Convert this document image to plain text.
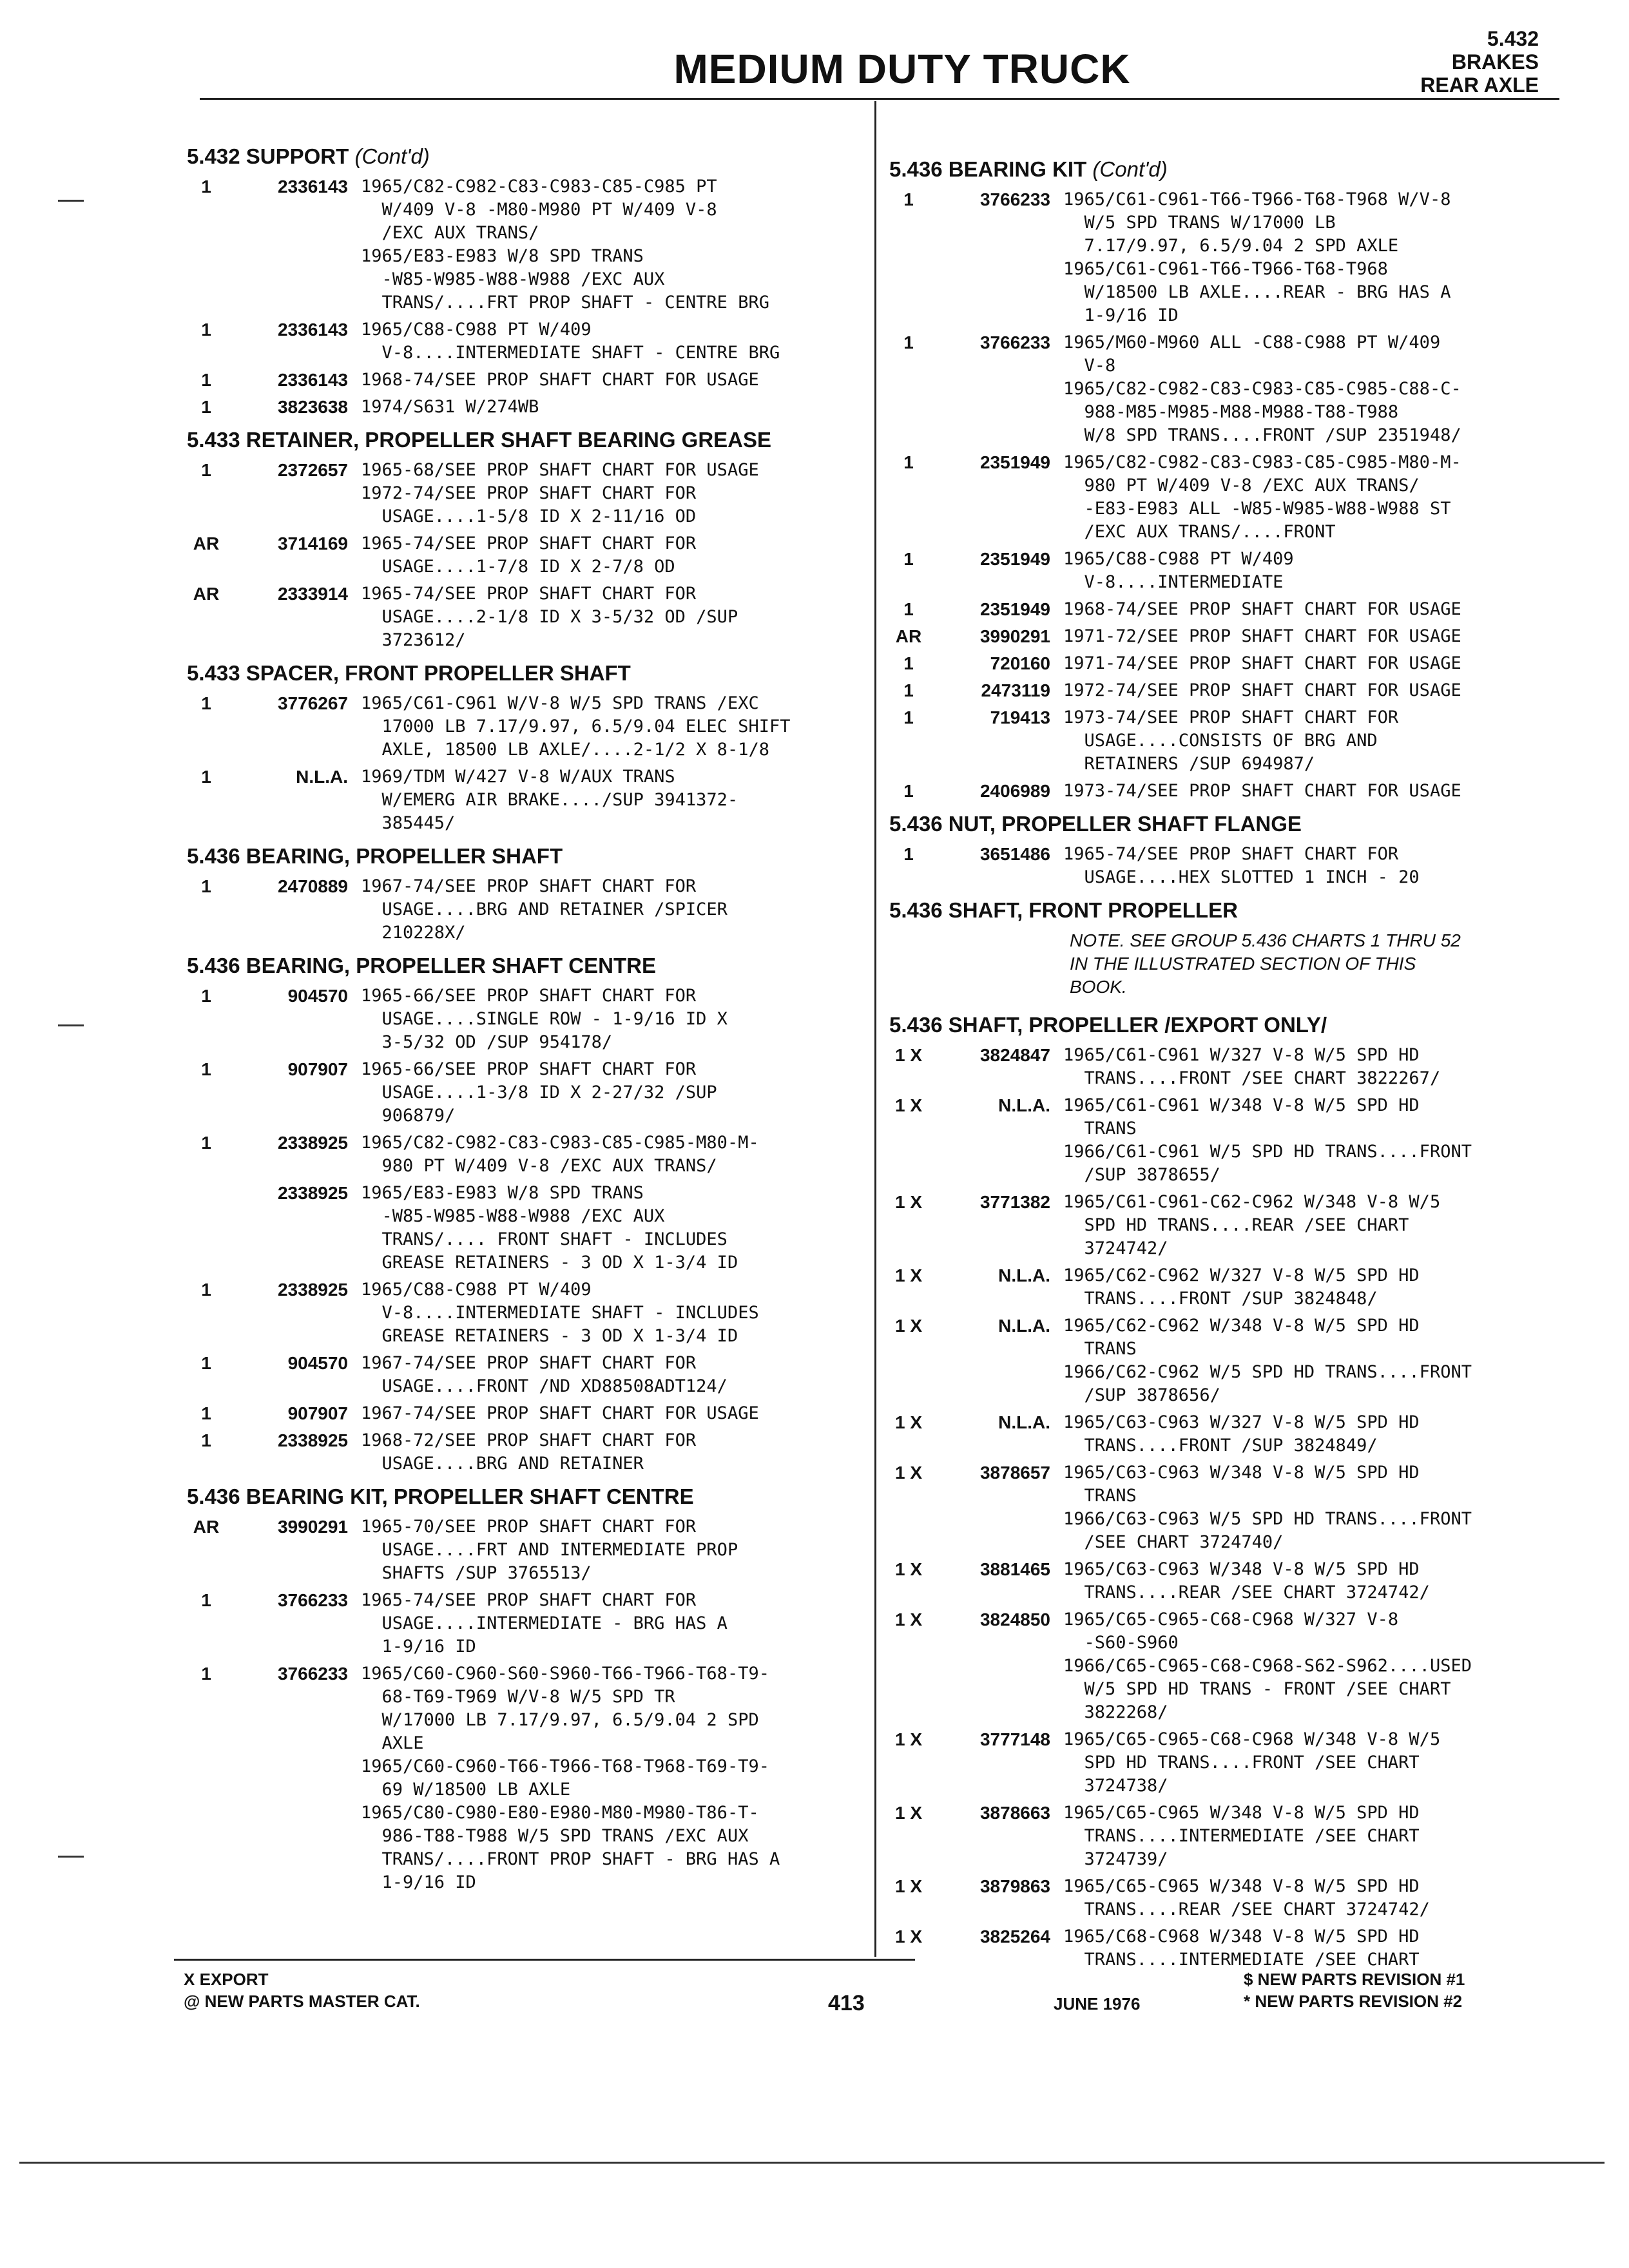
MEDIUM DUTY TRUCK
5.432
BRAKES
REAR AXLE
5.432 SUPPORT (Cont'd)
1	2336143 1965/C82-C982-C83-C983-C85-C985 PT
W/409 V-8 -M80-M980 PT W/409 V-8
/EXC AUX TRANS/
1965/E83-E983 W/8 SPD TRANS
-W85-W985-W88-W988 /EXC AUX
TRANS/....FRT PROP SHAFT - CENTRE BRG
1	2336143 1965/C88-C988 PT W/409
V-8....INTERMEDIATE SHAFT - CENTRE BRG
1	2336143 1968-74/SEE PROP SHAFT CHART FOR USAGE
1	3823638 1974/S631 W/274WB
5.433 RETAINER, PROPELLER SHAFT BEARING GREASE
1	2372657 1965-68/SEE PROP SHAFT CHART FOR USAGE
1972-74/SEE PROP SHAFT CHART FOR
USAGE....1-5/8 ID X 2-11/16 OD
AR	3714169 1965-74/SEE PROP SHAFT CHART FOR
USAGE....1-7/8 ID X 2-7/8 OD
AR	2333914 1965-74/SEE PROP SHAFT CHART FOR
USAGE....2-1/8 ID X 3-5/32 OD /SUP
3723612/
5.433 SPACER, FRONT PROPELLER SHAFT
1	3776267 1965/C61-C961 W/V-8 W/5 SPD TRANS /EXC
17000 LB 7.17/9.97, 6.5/9.04 ELEC SHIFT
AXLE, 18500 LB AXLE/....2-1/2 X 8-1/8
1	N.L.A. 1969/TDM W/427 V-8 W/AUX TRANS
W/EMERG AIR BRAKE..../SUP 3941372-
385445/
5.436 BEARING, PROPELLER SHAFT
1	2470889 1967-74/SEE PROP SHAFT CHART FOR
USAGE....BRG AND RETAINER /SPICER
210228X/
5.436 BEARING, PROPELLER SHAFT CENTRE
1	904570 1965-66/SEE PROP SHAFT CHART FOR
USAGE....SINGLE ROW - 1-9/16 ID X
3-5/32 OD /SUP 954178/
1	907907 1965-66/SEE PROP SHAFT CHART FOR
USAGE....1-3/8 ID X 2-27/32 /SUP
906879/
1	2338925 1965/C82-C982-C83-C983-C85-C985-M80-M-
980 PT W/409 V-8 /EXC AUX TRANS/
2338925 1965/E83-E983 W/8 SPD TRANS
-W85-W985-W88-W988 /EXC AUX
TRANS/.... FRONT SHAFT - INCLUDES
GREASE RETAINERS - 3 OD X 1-3/4 ID
1	2338925 1965/C88-C988 PT W/409
V-8....INTERMEDIATE SHAFT - INCLUDES
GREASE RETAINERS - 3 OD X 1-3/4 ID
1	904570 1967-74/SEE PROP SHAFT CHART FOR
USAGE....FRONT /ND XD88508ADT124/
1	907907 1967-74/SEE PROP SHAFT CHART FOR USAGE
1	2338925 1968-72/SEE PROP SHAFT CHART FOR
USAGE....BRG AND RETAINER
5.436 BEARING KIT, PROPELLER SHAFT CENTRE
AR	3990291 1965-70/SEE PROP SHAFT CHART FOR
USAGE....FRT AND INTERMEDIATE PROP
SHAFTS /SUP 3765513/
1	3766233 1965-74/SEE PROP SHAFT CHART FOR
USAGE....INTERMEDIATE - BRG HAS A
1-9/16 ID
1	3766233 1965/C60-C960-S60-S960-T66-T966-T68-T9-
68-T69-T969 W/V-8 W/5 SPD TR
W/17000 LB 7.17/9.97, 6.5/9.04 2 SPD
AXLE
1965/C60-C960-T66-T966-T68-T968-T69-T9-
69 W/18500 LB AXLE
1965/C80-C980-E80-E980-M80-M980-T86-T-
986-T88-T988 W/5 SPD TRANS /EXC AUX
TRANS/....FRONT PROP SHAFT - BRG HAS A
1-9/16 ID
5.436 BEARING KIT (Cont'd)
1	3766233 1965/C61-C961-T66-T966-T68-T968 W/V-8
W/5 SPD TRANS W/17000 LB
7.17/9.97, 6.5/9.04 2 SPD AXLE
1965/C61-C961-T66-T966-T68-T968
W/18500 LB AXLE....REAR - BRG HAS A
1-9/16 ID
1	3766233 1965/M60-M960 ALL -C88-C988 PT W/409
V-8
1965/C82-C982-C83-C983-C85-C985-C88-C-
988-M85-M985-M88-M988-T88-T988
W/8 SPD TRANS....FRONT /SUP 2351948/
1	2351949 1965/C82-C982-C83-C983-C85-C985-M80-M-
980 PT W/409 V-8 /EXC AUX TRANS/
-E83-E983 ALL -W85-W985-W88-W988 ST
/EXC AUX TRANS/....FRONT
1	2351949 1965/C88-C988 PT W/409
V-8....INTERMEDIATE
1	2351949 1968-74/SEE PROP SHAFT CHART FOR USAGE
AR	3990291 1971-72/SEE PROP SHAFT CHART FOR USAGE
1	720160 1971-74/SEE PROP SHAFT CHART FOR USAGE
1	2473119 1972-74/SEE PROP SHAFT CHART FOR USAGE
1	719413 1973-74/SEE PROP SHAFT CHART FOR
USAGE....CONSISTS OF BRG AND
RETAINERS /SUP 694987/
1	2406989 1973-74/SEE PROP SHAFT CHART FOR USAGE
5.436 NUT, PROPELLER SHAFT FLANGE
1	3651486 1965-74/SEE PROP SHAFT CHART FOR
USAGE....HEX SLOTTED 1 INCH - 20
5.436 SHAFT, FRONT PROPELLER
NOTE. SEE GROUP 5.436 CHARTS 1 THRU 52
IN THE ILLUSTRATED SECTION OF THIS
BOOK.
5.436 SHAFT, PROPELLER /EXPORT ONLY/
1 X	3824847 1965/C61-C961 W/327 V-8 W/5 SPD HD
TRANS....FRONT /SEE CHART 3822267/
1 X	N.L.A. 1965/C61-C961 W/348 V-8 W/5 SPD HD
TRANS
1966/C61-C961 W/5 SPD HD TRANS....FRONT
/SUP 3878655/
1 X	3771382 1965/C61-C961-C62-C962 W/348 V-8 W/5
SPD HD TRANS....REAR /SEE CHART
3724742/
1 X	N.L.A. 1965/C62-C962 W/327 V-8 W/5 SPD HD
TRANS....FRONT /SUP 3824848/
1 X	N.L.A. 1965/C62-C962 W/348 V-8 W/5 SPD HD
TRANS
1966/C62-C962 W/5 SPD HD TRANS....FRONT
/SUP 3878656/
1 X	N.L.A. 1965/C63-C963 W/327 V-8 W/5 SPD HD
TRANS....FRONT /SUP 3824849/
1 X	3878657 1965/C63-C963 W/348 V-8 W/5 SPD HD
TRANS
1966/C63-C963 W/5 SPD HD TRANS....FRONT
/SEE CHART 3724740/
1 X	3881465 1965/C63-C963 W/348 V-8 W/5 SPD HD
TRANS....REAR /SEE CHART 3724742/
1 X	3824850 1965/C65-C965-C68-C968 W/327 V-8
-S60-S960
1966/C65-C965-C68-C968-S62-S962....USED
W/5 SPD HD TRANS - FRONT /SEE CHART
3822268/
1 X	3777148 1965/C65-C965-C68-C968 W/348 V-8 W/5
SPD HD TRANS....FRONT /SEE CHART
3724738/
1 X	3878663 1965/C65-C965 W/348 V-8 W/5 SPD HD
TRANS....INTERMEDIATE /SEE CHART
3724739/
1 X	3879863 1965/C65-C965 W/348 V-8 W/5 SPD HD
TRANS....REAR /SEE CHART 3724742/
1 X	3825264 1965/C68-C968 W/348 V-8 W/5 SPD HD
TRANS....INTERMEDIATE /SEE CHART
X EXPORT
@ NEW PARTS MASTER CAT.	413	JUNE 1976
$ NEW PARTS REVISION #1
* NEW PARTS REVISION #2
